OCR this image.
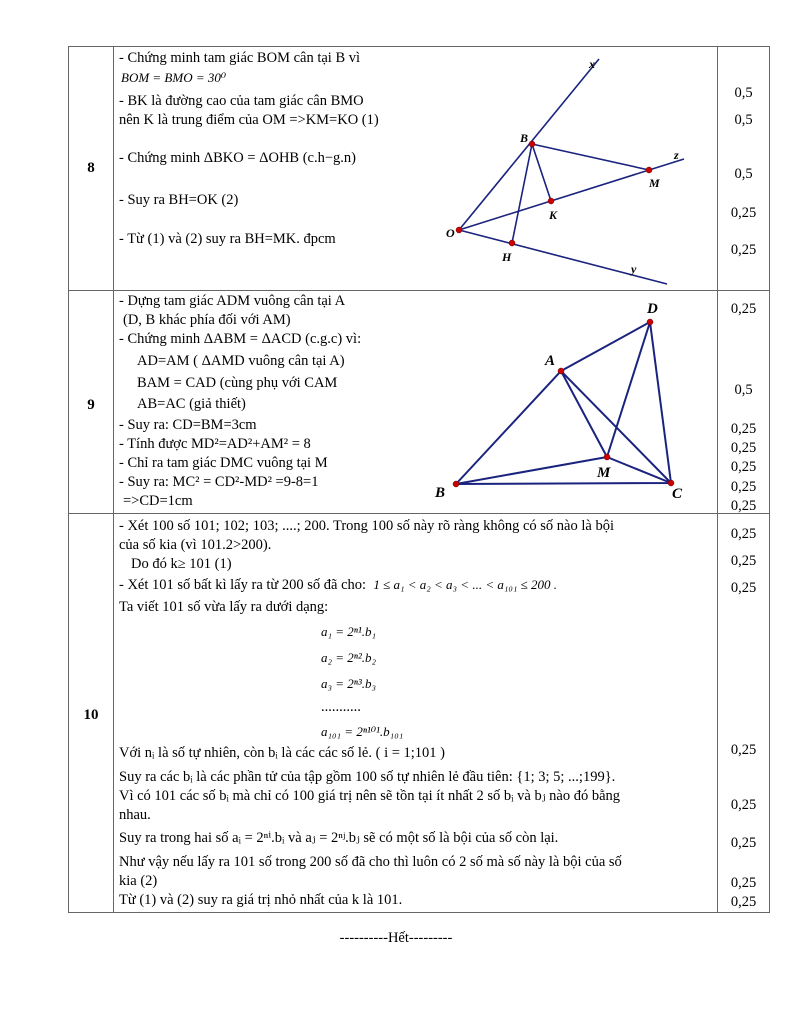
8
- Chứng minh tam giác BOM cân tại B vì
BOM = BMO = 30⁰
- BK là đường cao của tam giác cân BMO
nên K là trung điểm của OM =>KM=KO (1)
- Chứng minh ΔBKO = ΔOHB (c.h−g.n)
- Suy ra BH=OK (2)
- Từ (1) và (2) suy ra BH=MK. đpcm
0,5
0,5
0,5
0,25
0,25
x
B
z
M
K
O
H
y
9
- Dựng tam giác ADM vuông cân tại A
(D, B khác phía đối với AM)
- Chứng minh ΔABM = ΔACD (c.g.c) vì:
AD=AM ( ΔAMD vuông cân tại A)
BAM = CAD (cùng phụ với CAM
AB=AC (giả thiết)
- Suy ra: CD=BM=3cm
- Tính được MD²=AD²+AM² = 8
- Chỉ ra tam giác DMC vuông tại M
- Suy ra: MC² = CD²-MD² =9-8=1
=>CD=1cm
0,25
0,5
0,25
0,25
0,25
0,25
0,25
D
A
M
B	C
10
- Xét 100 số 101; 102; 103; ....; 200. Trong 100 số này rõ ràng không có số nào là bội
của số kia (vì 101.2>200).
Do đó k≥ 101 (1)
- Xét 101 số bất kì lấy ra từ 200 số đã cho: 1 ≤ a₁ < a₂ < a₃ < ... < a₁₀₁ ≤ 200 .
Ta viết 101 số vừa lấy ra dưới dạng:
a₁ = 2ⁿ¹.b₁
a₂ = 2ⁿ².b₂
a₃ = 2ⁿ³.b₃
...........
a₁₀₁ = 2ⁿ¹⁰¹.b₁₀₁
Với nᵢ là số tự nhiên, còn bᵢ là các các số lẻ. ( i = 1;101 )
Suy ra các bᵢ là các phần tử của tập gồm 100 số tự nhiên lẻ đầu tiên: {1; 3; 5; ...;199}.
Vì có 101 các số bᵢ mà chỉ có 100 giá trị nên sẽ tồn tại ít nhất 2 số bᵢ và bⱼ nào đó bằng
nhau.
Suy ra trong hai số aᵢ = 2ⁿⁱ.bᵢ và aⱼ = 2ⁿʲ.bⱼ sẽ có một số là bội của số còn lại.
Như vậy nếu lấy ra 101 số trong 200 số đã cho thì luôn có 2 số mà số này là bội của số
kia (2)
Từ (1) và (2) suy ra giá trị nhỏ nhất của k là 101.
0,25
0,25
0,25
0,25
0,25
0,25
0,25
0,25
----------Hết---------
